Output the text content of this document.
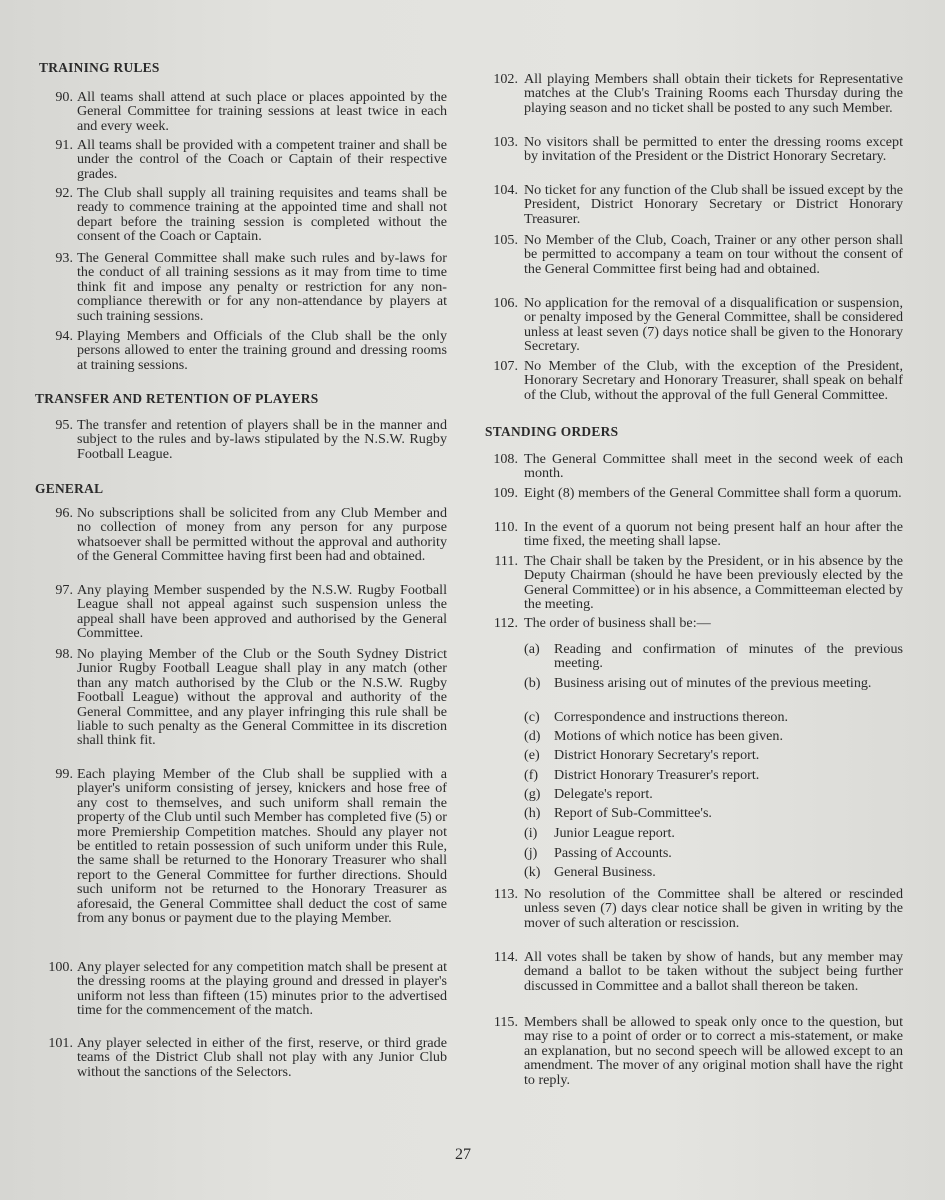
TRAINING RULES
90. All teams shall attend at such place or places appointed by the General Committee for training sessions at least twice in each and every week.
91. All teams shall be provided with a competent trainer and shall be under the control of the Coach or Captain of their respective grades.
92. The Club shall supply all training requisites and teams shall be ready to commence training at the appointed time and shall not depart before the training session is completed without the consent of the Coach or Captain.
93. The General Committee shall make such rules and by-laws for the conduct of all training sessions as it may from time to time think fit and impose any penalty or restriction for any non-compliance therewith or for any non-attendance by players at such training sessions.
94. Playing Members and Officials of the Club shall be the only persons allowed to enter the training ground and dressing rooms at training sessions.
TRANSFER AND RETENTION OF PLAYERS
95. The transfer and retention of players shall be in the manner and subject to the rules and by-laws stipulated by the N.S.W. Rugby Football League.
GENERAL
96. No subscriptions shall be solicited from any Club Member and no collection of money from any person for any purpose whatsoever shall be permitted without the approval and authority of the General Committee having first been had and obtained.
97. Any playing Member suspended by the N.S.W. Rugby Football League shall not appeal against such suspension unless the appeal shall have been approved and authorised by the General Committee.
98. No playing Member of the Club or the South Sydney District Junior Rugby Football League shall play in any match (other than any match authorised by the Club or the N.S.W. Rugby Football League) without the approval and authority of the General Committee, and any player infringing this rule shall be liable to such penalty as the General Committee in its discretion shall think fit.
99. Each playing Member of the Club shall be supplied with a player's uniform consisting of jersey, knickers and hose free of any cost to themselves, and such uniform shall remain the property of the Club until such Member has completed five (5) or more Premiership Competition matches. Should any player not be entitled to retain possession of such uniform under this Rule, the same shall be returned to the Honorary Treasurer who shall report to the General Committee for further directions. Should such uniform not be returned to the Honorary Treasurer as aforesaid, the General Committee shall deduct the cost of same from any bonus or payment due to the playing Member.
100. Any player selected for any competition match shall be present at the dressing rooms at the playing ground and dressed in player's uniform not less than fifteen (15) minutes prior to the advertised time for the commencement of the match.
101. Any player selected in either of the first, reserve, or third grade teams of the District Club shall not play with any Junior Club without the sanctions of the Selectors.
102. All playing Members shall obtain their tickets for Representative matches at the Club's Training Rooms each Thursday during the playing season and no ticket shall be posted to any such Member.
103. No visitors shall be permitted to enter the dressing rooms except by invitation of the President or the District Honorary Secretary.
104. No ticket for any function of the Club shall be issued except by the President, District Honorary Secretary or District Honorary Treasurer.
105. No Member of the Club, Coach, Trainer or any other person shall be permitted to accompany a team on tour without the consent of the General Committee first being had and obtained.
106. No application for the removal of a disqualification or suspension, or penalty imposed by the General Committee, shall be considered unless at least seven (7) days notice shall be given to the Honorary Secretary.
107. No Member of the Club, with the exception of the President, Honorary Secretary and Honorary Treasurer, shall speak on behalf of the Club, without the approval of the full General Committee.
STANDING ORDERS
108. The General Committee shall meet in the second week of each month.
109. Eight (8) members of the General Committee shall form a quorum.
110. In the event of a quorum not being present half an hour after the time fixed, the meeting shall lapse.
111. The Chair shall be taken by the President, or in his absence by the Deputy Chairman (should he have been previously elected by the General Committee) or in his absence, a Committeeman elected by the meeting.
112. The order of business shall be:—
(a)	Reading and confirmation of minutes of the previous meeting.
(b) Business arising out of minutes of the previous meeting.
(c)	Correspondence and instructions thereon.
(d) Motions of which notice has been given.
(e)	District Honorary Secretary's report.
(f)	District Honorary Treasurer's report.
(g) Delegate's report.
(h) Report of Sub-Committee's.
(i)	Junior League report.
(j)	Passing of Accounts.
(k) General Business.
113. No resolution of the Committee shall be altered or rescinded unless seven (7) days clear notice shall be given in writing by the mover of such alteration or rescission.
114. All votes shall be taken by show of hands, but any member may demand a ballot to be taken without the subject being further discussed in Committee and a ballot shall thereon be taken.
115. Members shall be allowed to speak only once to the question, but may rise to a point of order or to correct a mis-statement, or make an explanation, but no second speech will be allowed except to an amendment. The mover of any original motion shall have the right to reply.
27
